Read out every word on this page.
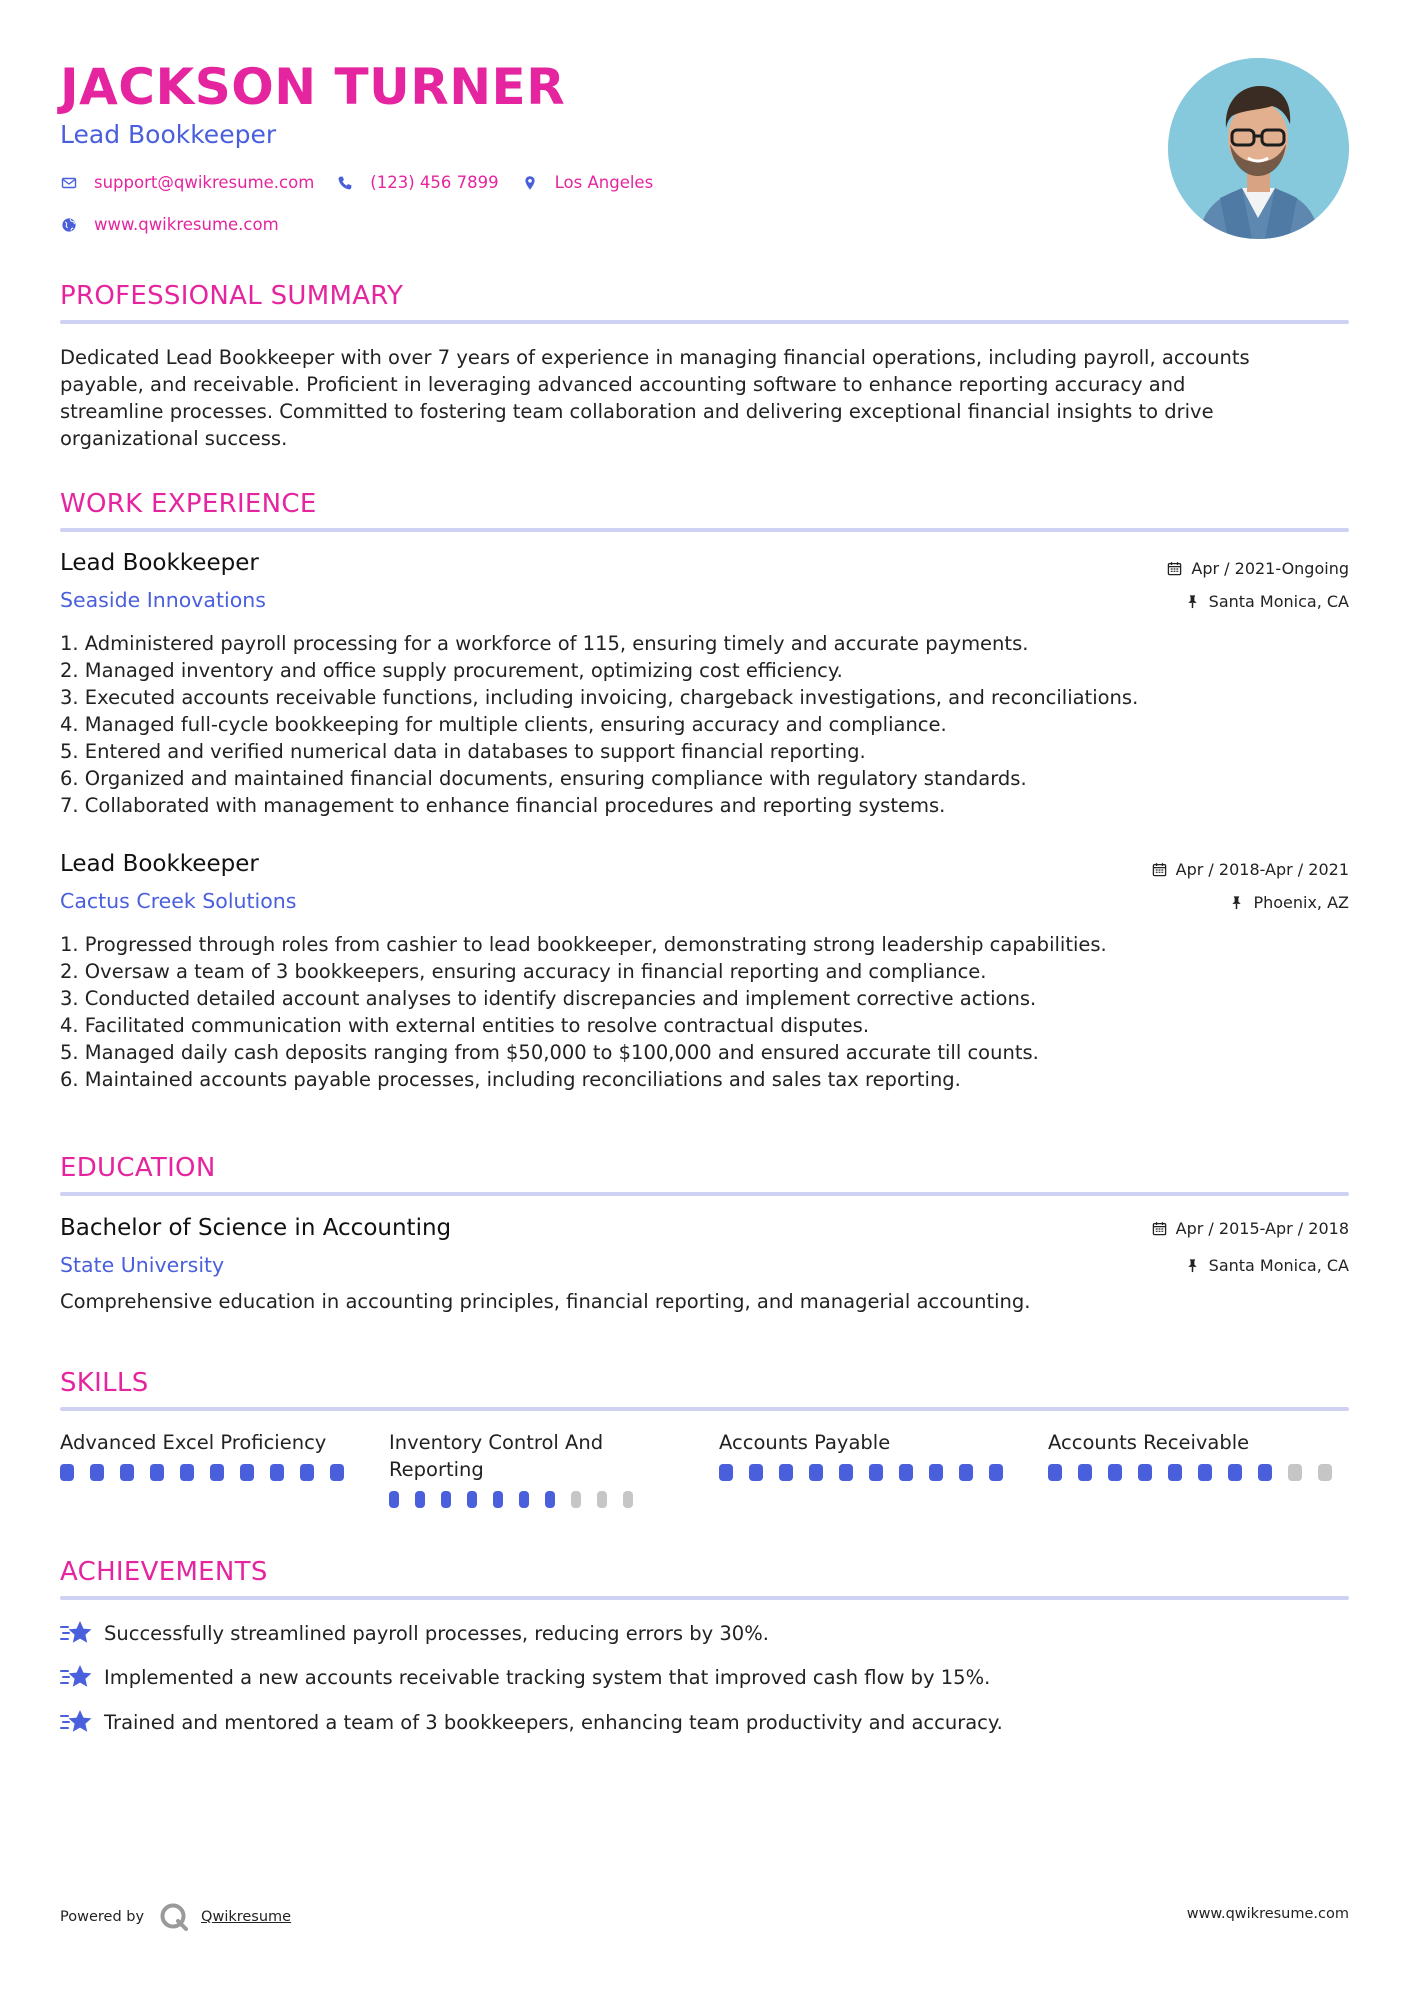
JACKSON TURNER
Lead Bookkeeper
support@qwikresume.com	(123) 456 7899	Los Angeles
www.qwikresume.com
PROFESSIONAL SUMMARY
Dedicated Lead Bookkeeper with over 7 years of experience in managing financial operations, including payroll, accounts
payable, and receivable. Proficient in leveraging advanced accounting software to enhance reporting accuracy and
streamline processes. Committed to fostering team collaboration and delivering exceptional financial insights to drive
organizational success.
WORK EXPERIENCE
Lead Bookkeeper
Seaside Innovations
Apr / 2021-Ongoing
Santa Monica, CA
1. Administered payroll processing for a workforce of 115, ensuring timely and accurate payments.
2. Managed inventory and office supply procurement, optimizing cost efficiency.
3. Executed accounts receivable functions, including invoicing, chargeback investigations, and reconciliations.
4. Managed full-cycle bookkeeping for multiple clients, ensuring accuracy and compliance.
5. Entered and verified numerical data in databases to support financial reporting.
6. Organized and maintained financial documents, ensuring compliance with regulatory standards.
7. Collaborated with management to enhance financial procedures and reporting systems.
Lead Bookkeeper
Cactus Creek Solutions
Apr / 2018-Apr / 2021
Phoenix, AZ
1. Progressed through roles from cashier to lead bookkeeper, demonstrating strong leadership capabilities.
2. Oversaw a team of 3 bookkeepers, ensuring accuracy in financial reporting and compliance.
3. Conducted detailed account analyses to identify discrepancies and implement corrective actions.
4. Facilitated communication with external entities to resolve contractual disputes.
5. Managed daily cash deposits ranging from $50,000 to $100,000 and ensured accurate till counts.
6. Maintained accounts payable processes, including reconciliations and sales tax reporting.
EDUCATION
Bachelor of Science in Accounting
State University
Apr / 2015-Apr / 2018
Santa Monica, CA
Comprehensive education in accounting principles, financial reporting, and managerial accounting.
SKILLS
Advanced Excel Proficiency	Inventory Control And Reporting
Accounts Payable	Accounts Receivable
ACHIEVEMENTS
Successfully streamlined payroll processes, reducing errors by 30%.
Implemented a new accounts receivable tracking system that improved cash flow by 15%.
Trained and mentored a team of 3 bookkeepers, enhancing team productivity and accuracy.
Powered by	Qwikresume	www.qwikresume.com
